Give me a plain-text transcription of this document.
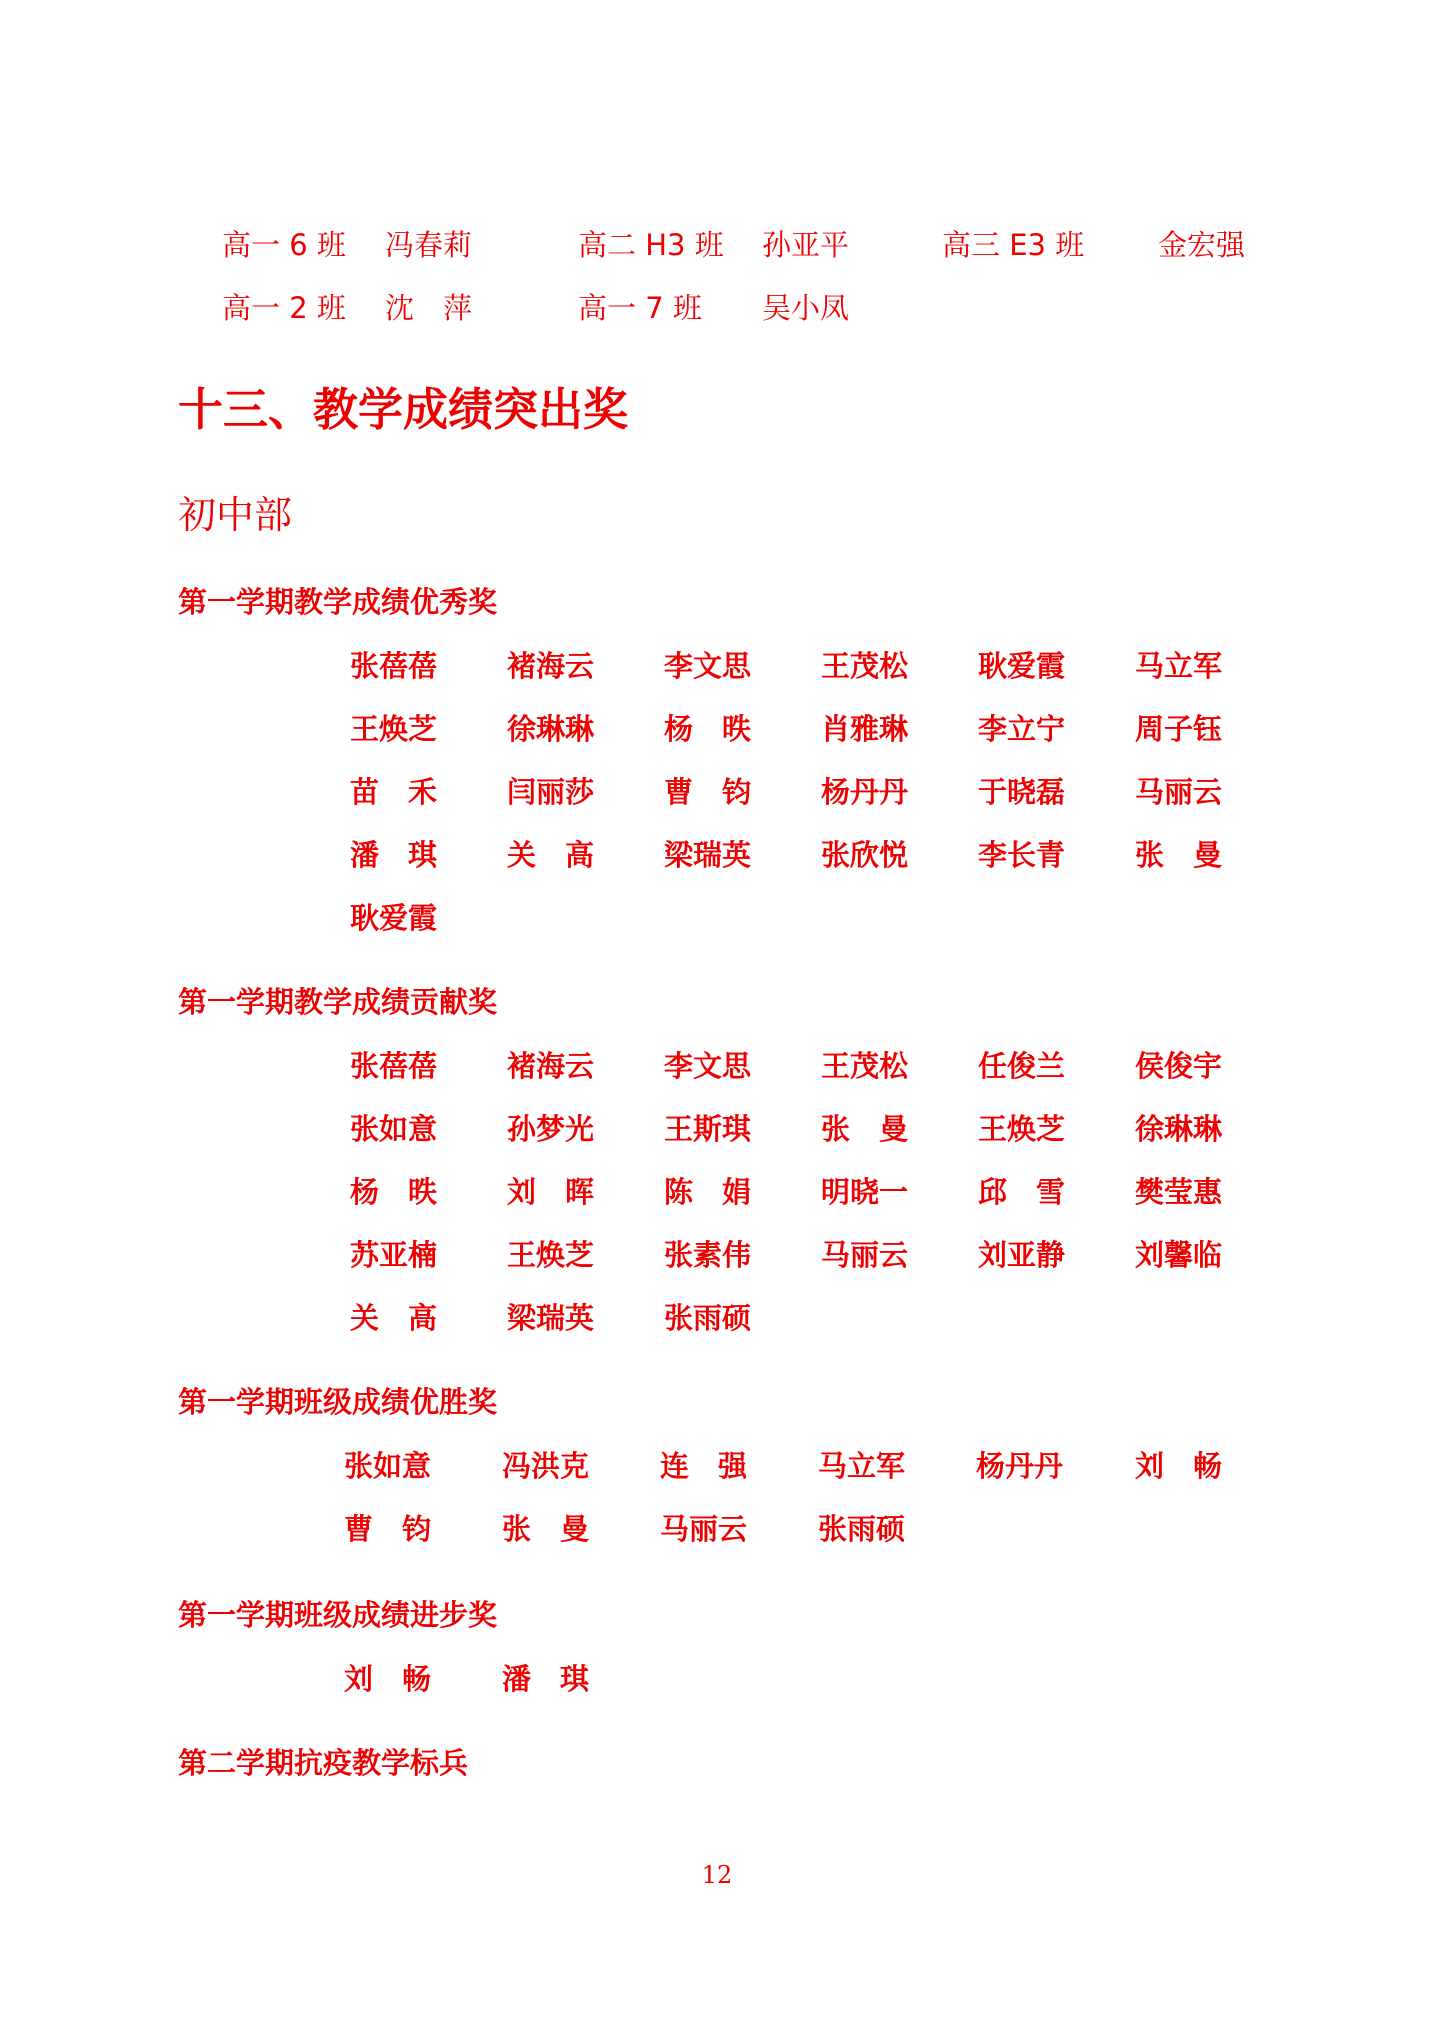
高一 6 班 冯春莉	高二 H3 班 孙亚平	高三 E3 班	金宏强
高一 2 班 沈　萍	高一 7 班 吴小凤
十三、教学成绩突出奖
初中部
第一学期教学成绩优秀奖
张蓓蓓 褚海云 李文思 王茂松 耿爱霞 马立军
王焕芝 徐琳琳 杨　昳 肖雅琳 李立宁 周子钰
苗　禾 闫丽莎 曹　钧 杨丹丹 于晓磊 马丽云
潘　琪 关　高 梁瑞英 张欣悦 李长青 张　曼
耿爱霞
第一学期教学成绩贡献奖
张蓓蓓 褚海云 李文思 王茂松 任俊兰 侯俊宇
张如意 孙梦光 王斯琪 张　曼 王焕芝 徐琳琳
杨　昳 刘　晖 陈　娟 明晓一 邱　雪 樊莹惠
苏亚楠 王焕芝 张素伟 马丽云 刘亚静 刘馨临
关　高 梁瑞英 张雨硕
第一学期班级成绩优胜奖
张如意 冯洪克 连　强 马立军 杨丹丹 刘　畅
曹　钧 张　曼 马丽云 张雨硕
第一学期班级成绩进步奖
刘　畅 潘　琪
第二学期抗疫教学标兵
12
